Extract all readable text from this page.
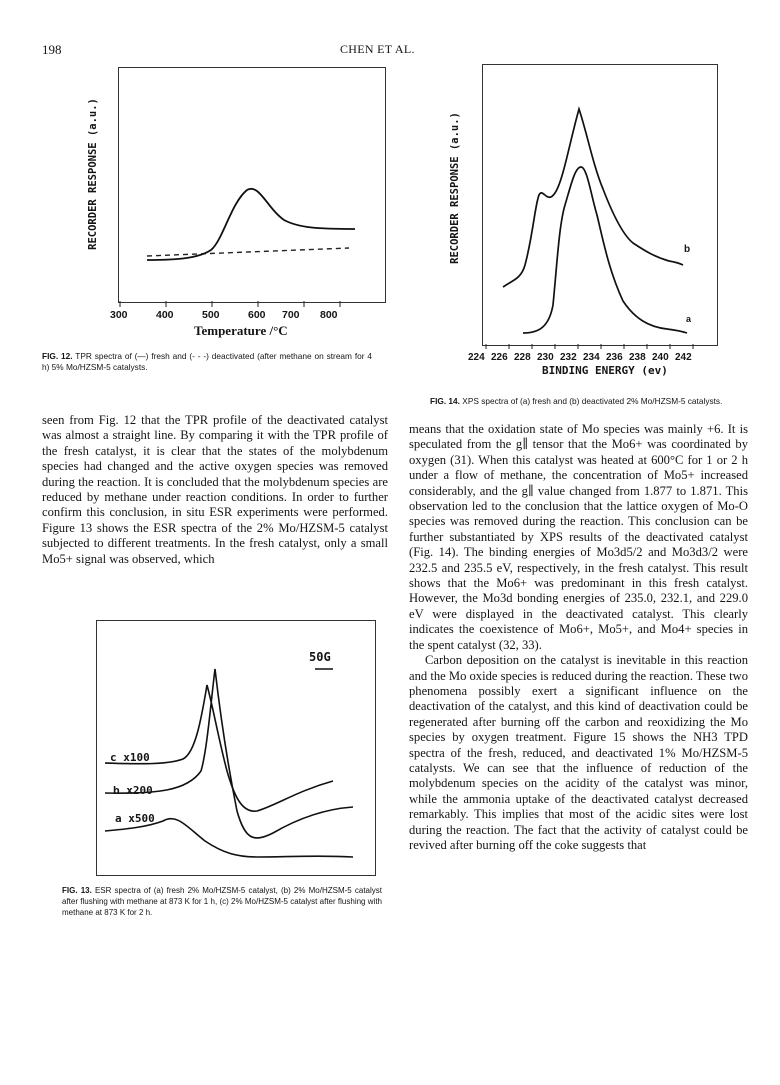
198	CHEN ET AL.
300	400	500	600 700 800
Temperature /°C
RECORDER RESPONSE (a.u.)
FIG. 12. TPR spectra of (—) fresh and (- - -) deactivated (after methane on stream for 4 h) 5% Mo/HZSM-5 catalysts.
b
a
224 226 228 230 232 234 236 238 240 242
BINDING ENERGY (ev)
RECORDER RESPONSE (a.u.)
FIG. 14. XPS spectra of (a) fresh and (b) deactivated 2% Mo/HZSM-5 catalysts.

seen from Fig. 12 that the TPR profile of the deactivated catalyst was almost a straight line. By comparing it with the TPR profile of the fresh catalyst, it is clear that the states of the molybdenum species had changed and the active oxygen species was removed during the reaction. It is concluded that the molybdenum species are reduced by methane under reaction conditions. In order to further confirm this conclusion, in situ ESR experiments were performed. Figure 13 shows the ESR spectra of the 2% Mo/HZSM-5 catalyst subjected to different treatments. In the fresh catalyst, only a small Mo5+ signal was observed, which

50G
c x100
b x200
a x500
FIG. 13. ESR spectra of (a) fresh 2% Mo/HZSM-5 catalyst, (b) 2% Mo/HZSM-5 catalyst after flushing with methane at 873 K for 1 h, (c) 2% Mo/HZSM-5 catalyst after flushing with methane at 873 K for 2 h.

means that the oxidation state of Mo species was mainly +6. It is speculated from the g∥ tensor that the Mo6+ was coordinated by oxygen (31). When this catalyst was heated at 600°C for 1 or 2 h under a flow of methane, the concentration of Mo5+ increased considerably, and the g∥ value changed from 1.877 to 1.871. This observation led to the conclusion that the lattice oxygen of Mo-O species was removed during the reaction. This conclusion can be further substantiated by XPS results of the deactivated catalyst (Fig. 14). The binding energies of Mo3d5/2 and Mo3d3/2 were 232.5 and 235.5 eV, respectively, in the fresh catalyst. This result shows that the Mo6+ was predominant in this fresh catalyst. However, the Mo3d bonding energies of 235.0, 232.1, and 229.0 eV were displayed in the deactivated catalyst. This clearly indicates the coexistence of Mo6+, Mo5+, and Mo4+ species in the spent catalyst (32, 33).

Carbon deposition on the catalyst is inevitable in this reaction and the Mo oxide species is reduced during the reaction. These two phenomena possibly exert a significant influence on the deactivation of the catalyst, and this kind of deactivation could be regenerated after burning off the carbon and reoxidizing the Mo species by oxygen treatment. Figure 15 shows the NH3 TPD spectra of the fresh, reduced, and deactivated 1% Mo/HZSM-5 catalysts. We can see that the influence of reduction of the molybdenum species on the acidity of the catalyst was minor, while the ammonia uptake of the deactivated catalyst decreased remarkably. This implies that most of the acidic sites were lost during the reaction. The fact that the activity of catalyst could be revived after burning off the coke suggests that
